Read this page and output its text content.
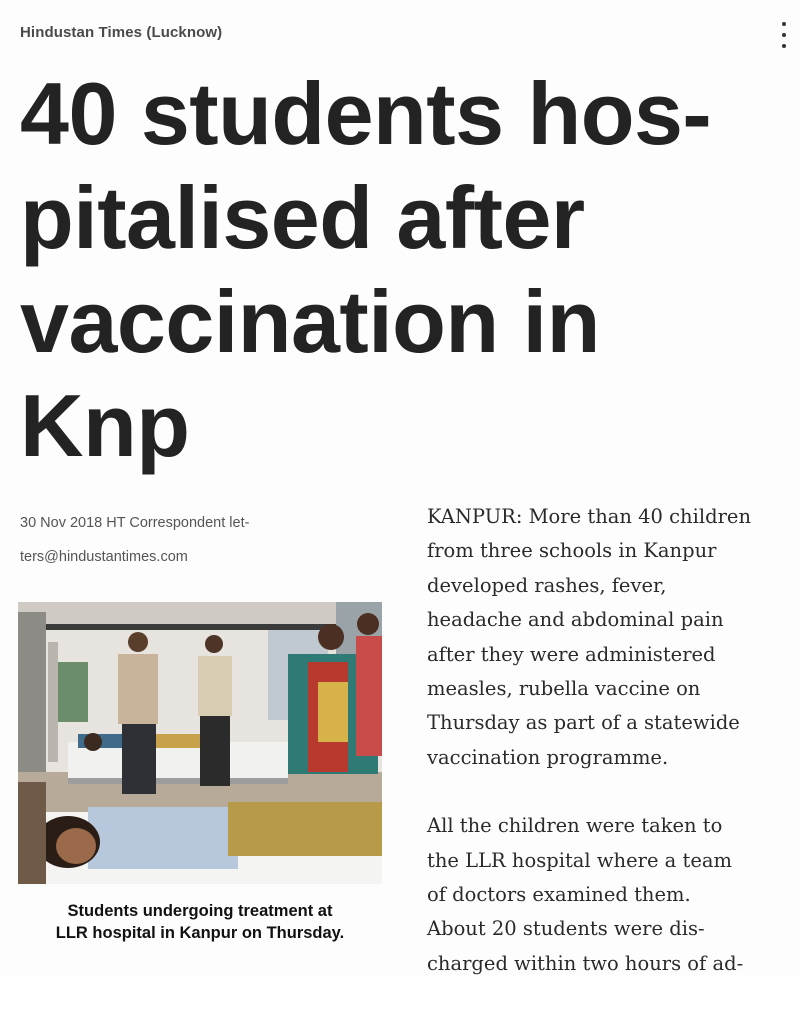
Hindustan Times (Lucknow)
40 students hos-
pitalised after
vaccination in
Knp
30 Nov 2018 HT Correspondent let-
ters@hindustantimes.com
Students undergoing treatment at
LLR hospital in Kanpur on Thursday.

KANPUR: More than 40 children
from three schools in Kanpur
developed rashes, fever,
headache and abdominal pain
after they were administered
measles, rubella vaccine on
Thursday as part of a statewide
vaccination programme.

All the children were taken to
the LLR hospital where a team
of doctors examined them.
About 20 students were dis-
charged within two hours of ad-
